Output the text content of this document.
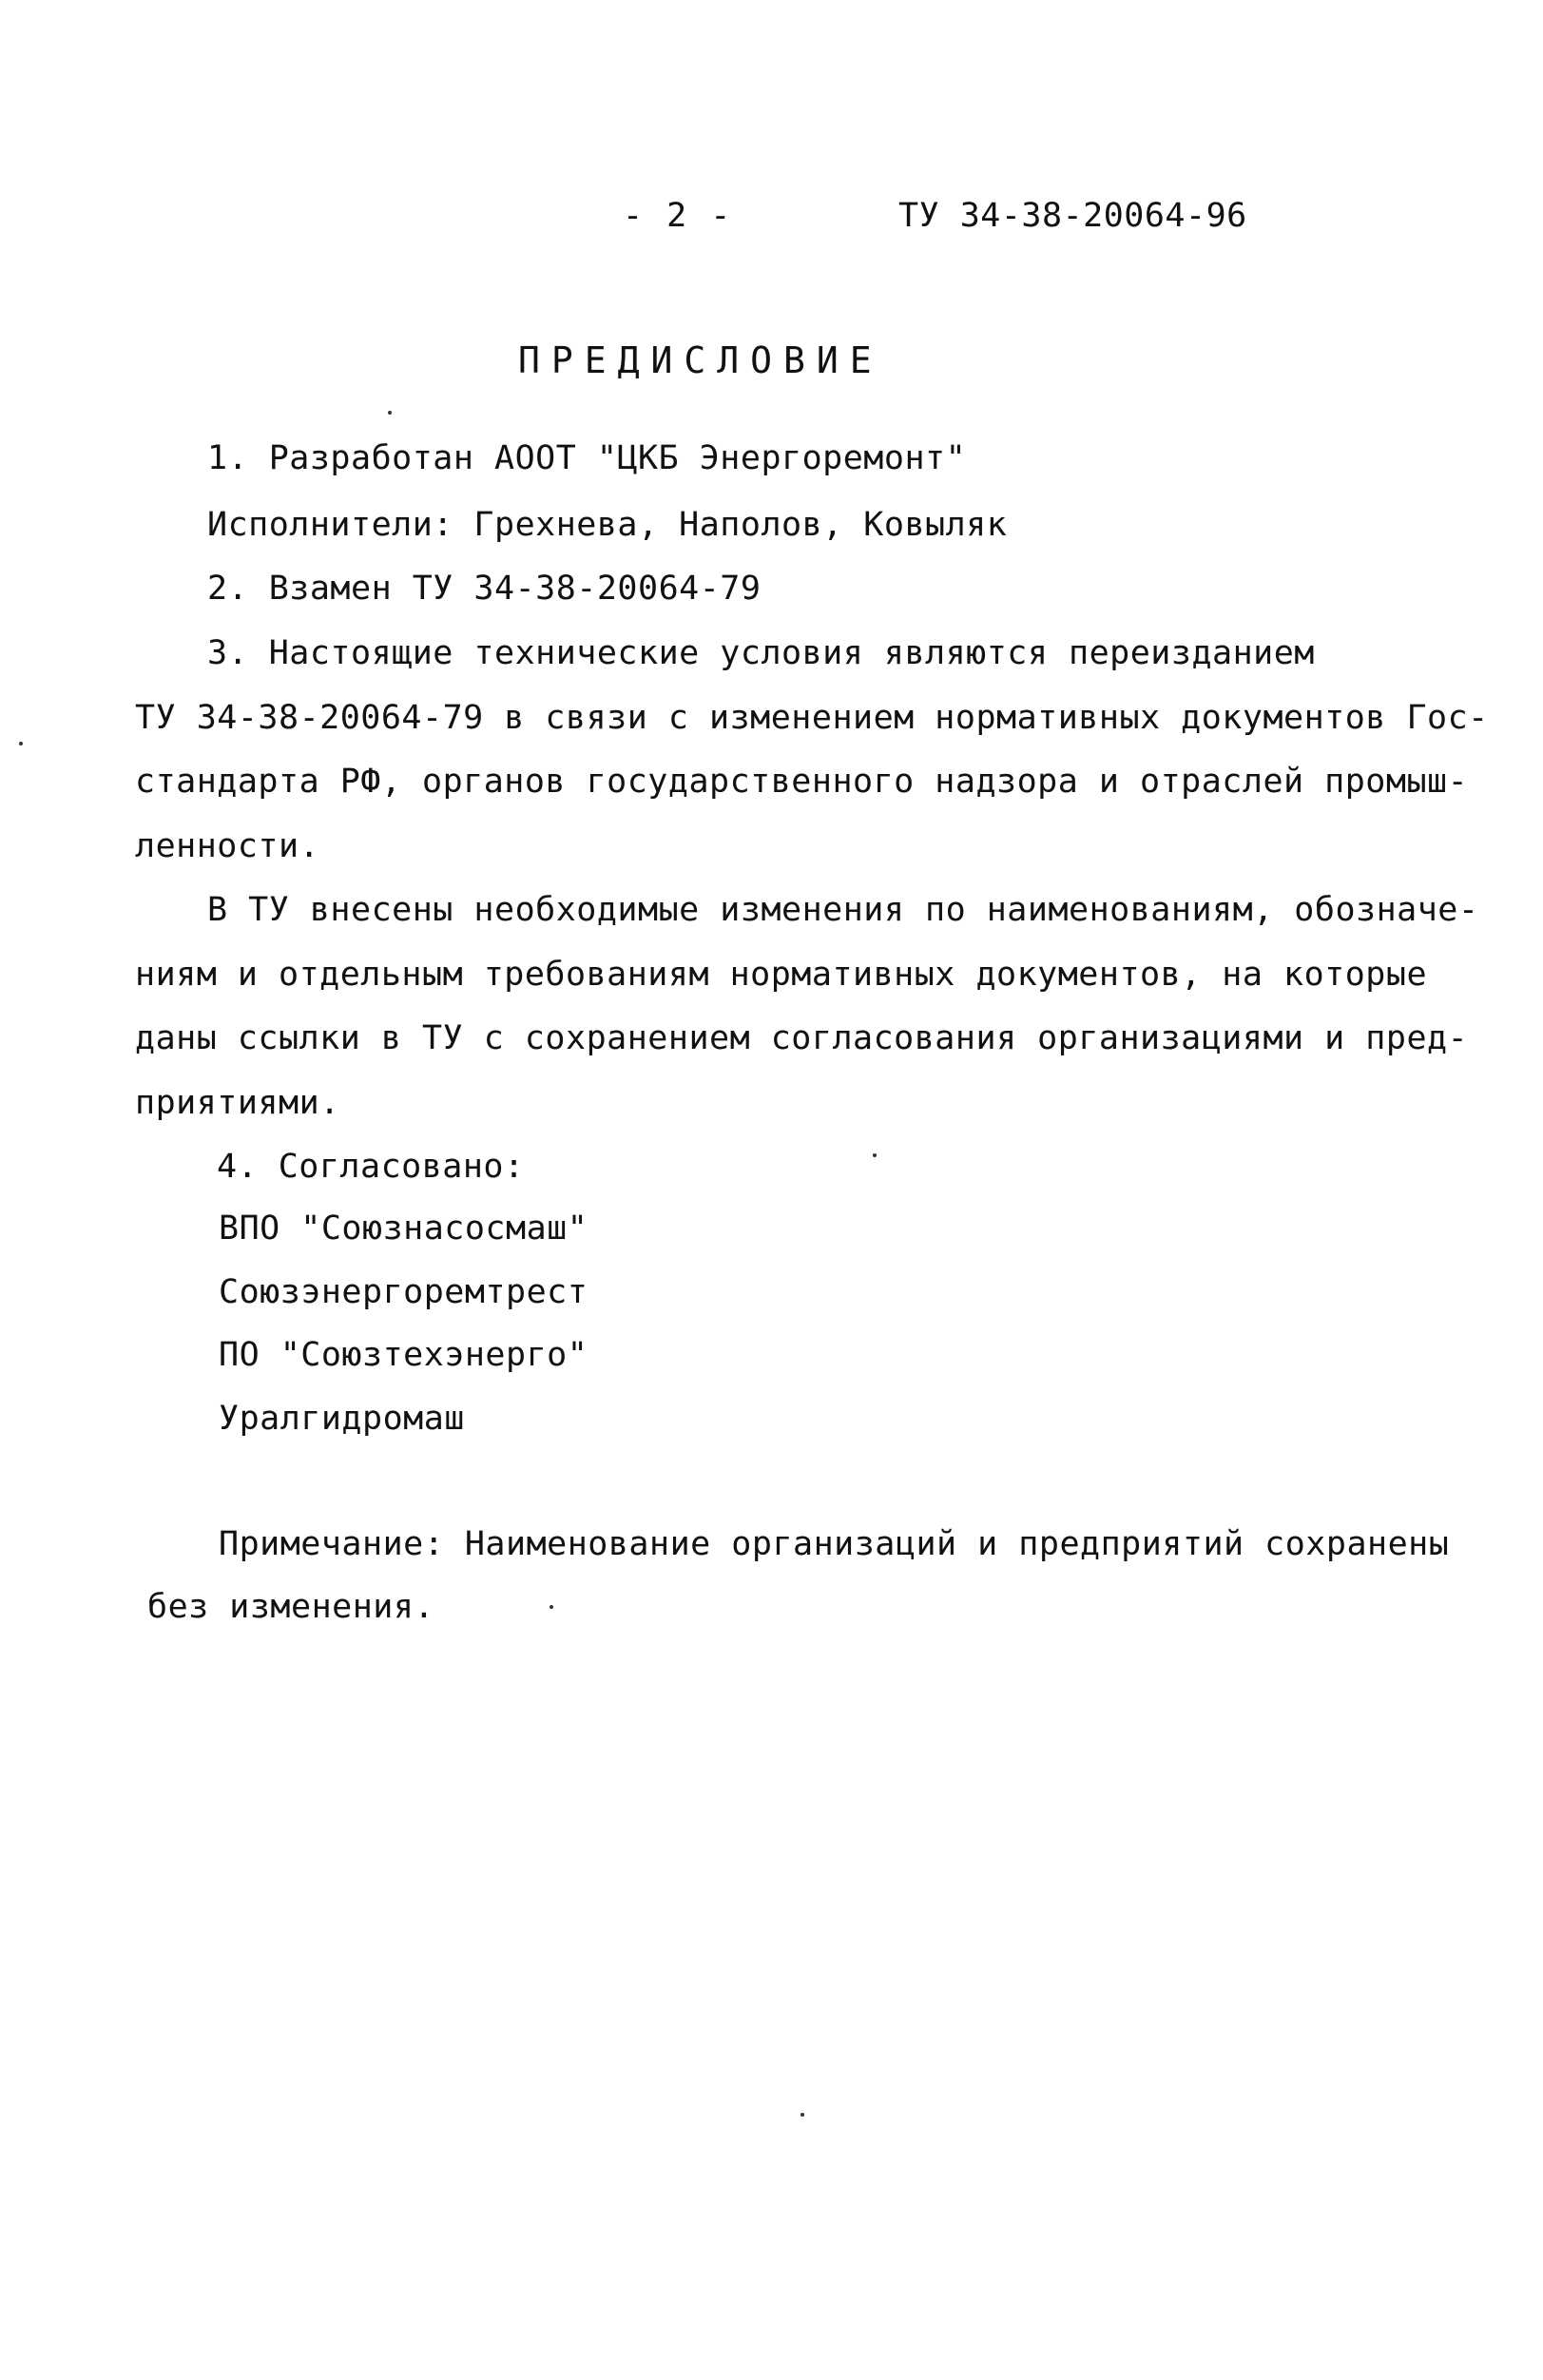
- 2 -	ТУ 34-38-20064-96
ПРЕДИСЛОВИЕ
1. Разработан АООТ "ЦКБ Энергоремонт"
Исполнители: Грехнева, Наполов, Ковыляк
2. Взамен ТУ 34-38-20064-79
3. Настоящие технические условия являются переизданием
ТУ 34-38-20064-79 в связи с изменением нормативных документов Гос-
стандарта РФ, органов государственного надзора и отраслей промыш-
ленности.
В ТУ внесены необходимые изменения по наименованиям, обозначе-
ниям и отдельным требованиям нормативных документов, на которые
даны ссылки в ТУ с сохранением согласования организациями и пред-
приятиями.
4. Согласовано:
ВПО "Союзнасосмаш"
Союзэнергоремтрест
ПО "Союзтехэнерго"
Уралгидромаш
Примечание: Наименование организаций и предприятий сохранены
без изменения.
